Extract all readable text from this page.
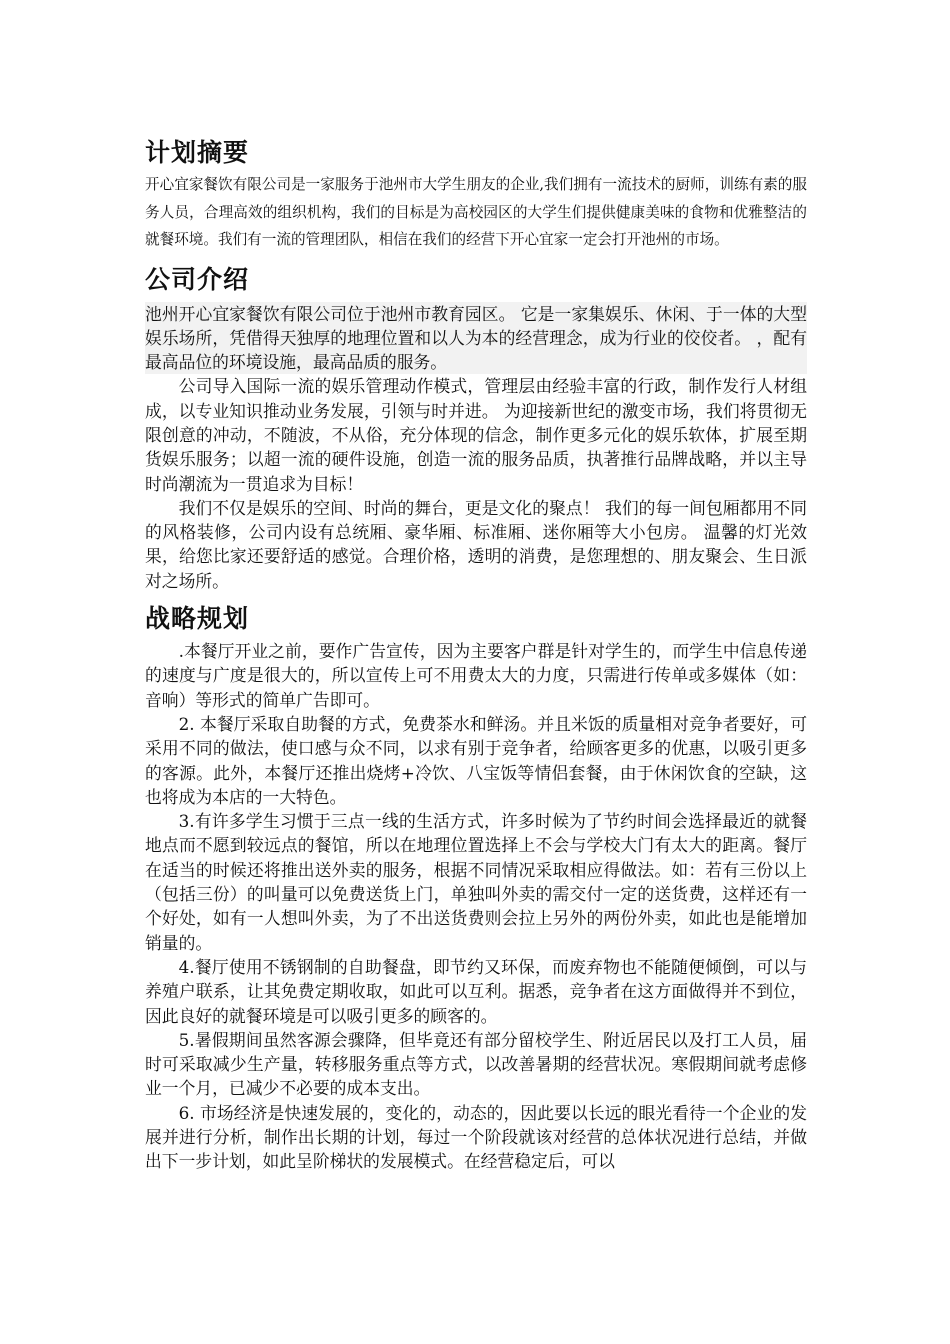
计划摘要

开心宜家餐饮有限公司是一家服务于池州市大学生朋友的企业,我们拥有一流技术的厨师，训练有素的服务人员，合理高效的组织机构，我们的目标是为高校园区的大学生们提供健康美味的食物和优雅整洁的就餐环境。我们有一流的管理团队，相信在我们的经营下开心宜家一定会打开池州的市场。

公司介绍

池州开心宜家餐饮有限公司位于池州市教育园区。 它是一家集娱乐、休闲、于一体的大型娱乐场所，凭借得天独厚的地理位置和以人为本的经营理念，成为行业的佼佼者。 ，配有最高品位的环境设施，最高品质的服务。

公司导入国际一流的娱乐管理动作模式，管理层由经验丰富的行政，制作发行人材组成，以专业知识推动业务发展，引领与时并进。 为迎接新世纪的激变市场，我们将贯彻无限创意的冲动，不随波，不从俗，充分体现的信念，制作更多元化的娱乐软体，扩展至期货娱乐服务；以超一流的硬件设施，创造一流的服务品质，执著推行品牌战略，并以主导时尚潮流为一贯追求为目标！

我们不仅是娱乐的空间、时尚的舞台，更是文化的聚点！ 我们的每一间包厢都用不同的风格装修，公司内设有总统厢、豪华厢、标准厢、迷你厢等大小包房。 温馨的灯光效果，给您比家还要舒适的感觉。合理价格，透明的消费，是您理想的、朋友聚会、生日派对之场所。

战略规划

.本餐厅开业之前，要作广告宣传，因为主要客户群是针对学生的，而学生中信息传递的速度与广度是很大的，所以宣传上可不用费太大的力度，只需进行传单或多媒体（如：音响）等形式的简单广告即可。

2. 本餐厅采取自助餐的方式，免费茶水和鲜汤。并且米饭的质量相对竞争者要好，可采用不同的做法，使口感与众不同，以求有别于竞争者，给顾客更多的优惠，以吸引更多的客源。此外，本餐厅还推出烧烤+冷饮、八宝饭等情侣套餐，由于休闲饮食的空缺，这也将成为本店的一大特色。

3.有许多学生习惯于三点一线的生活方式，许多时候为了节约时间会选择最近的就餐地点而不愿到较远点的餐馆，所以在地理位置选择上不会与学校大门有太大的距离。餐厅在适当的时候还将推出送外卖的服务，根据不同情况采取相应得做法。如：若有三份以上（包括三份）的叫量可以免费送货上门，单独叫外卖的需交付一定的送货费，这样还有一个好处，如有一人想叫外卖，为了不出送货费则会拉上另外的两份外卖，如此也是能增加销量的。

4.餐厅使用不锈钢制的自助餐盘，即节约又环保，而废弃物也不能随便倾倒，可以与养殖户联系，让其免费定期收取，如此可以互利。据悉，竞争者在这方面做得并不到位，因此良好的就餐环境是可以吸引更多的顾客的。

5.暑假期间虽然客源会骤降，但毕竟还有部分留校学生、附近居民以及打工人员，届时可采取减少生产量，转移服务重点等方式，以改善暑期的经营状况。寒假期间就考虑修业一个月，已减少不必要的成本支出。

6. 市场经济是快速发展的，变化的，动态的，因此要以长远的眼光看待一个企业的发展并进行分析，制作出长期的计划，每过一个阶段就该对经营的总体状况进行总结，并做出下一步计划，如此呈阶梯状的发展模式。在经营稳定后，可以
